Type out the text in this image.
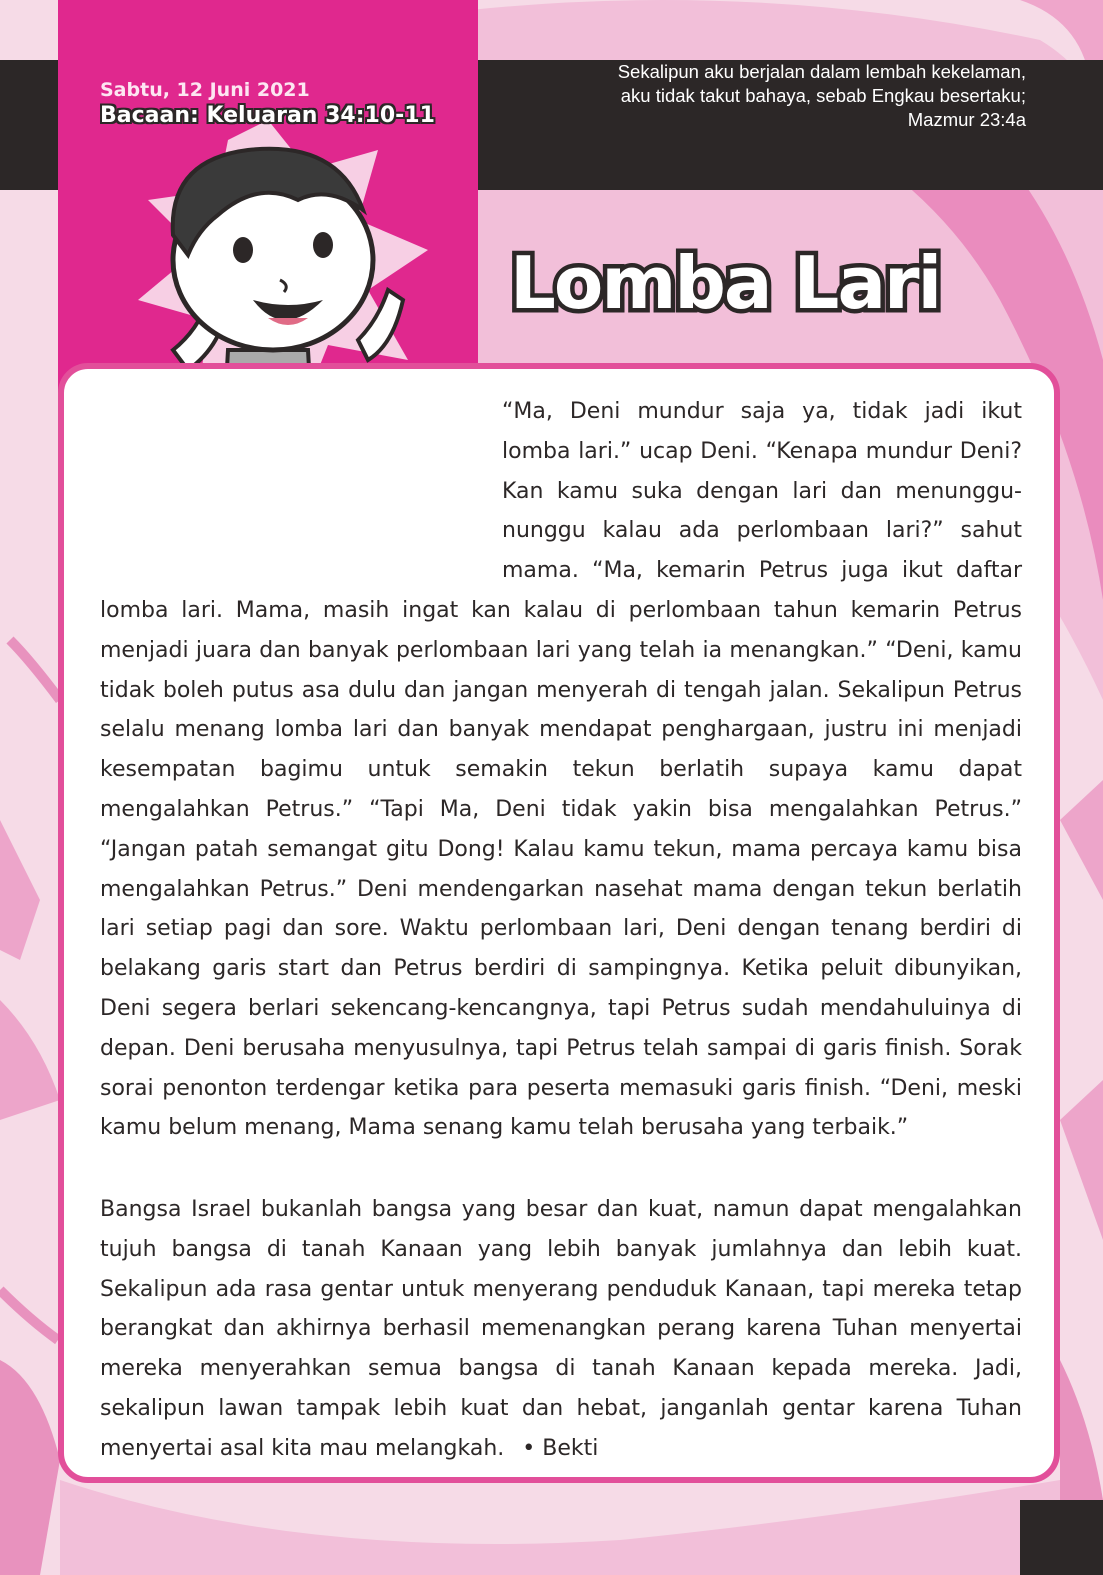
Sabtu, 12 Juni 2021
Bacaan: Keluaran 34:10-11
Sekalipun aku berjalan dalam lembah kekelaman,
aku tidak takut bahaya, sebab Engkau besertaku;
Mazmur 23:4a
Lomba Lari

“Ma, Deni mundur saja ya, tidak jadi ikut lomba lari.” ucap Deni. “Kenapa mundur Deni? Kan kamu suka dengan lari dan menunggu-nunggu kalau ada perlombaan lari?” sahut mama. “Ma, kemarin Petrus juga ikut daftar lomba lari. Mama, masih ingat kan kalau di perlombaan tahun kemarin Petrus menjadi juara dan banyak perlombaan lari yang telah ia menangkan.” “Deni, kamu tidak boleh putus asa dulu dan jangan menyerah di tengah jalan. Sekalipun Petrus selalu menang lomba lari dan banyak mendapat penghargaan, justru ini menjadi kesempatan bagimu untuk semakin tekun berlatih supaya kamu dapat mengalahkan Petrus.” “Tapi Ma, Deni tidak yakin bisa mengalahkan Petrus.” “Jangan patah semangat gitu Dong! Kalau kamu tekun, mama percaya kamu bisa mengalahkan Petrus.” Deni mendengarkan nasehat mama dengan tekun berlatih lari setiap pagi dan sore. Waktu perlombaan lari, Deni dengan tenang berdiri di belakang garis start dan Petrus berdiri di sampingnya. Ketika peluit dibunyikan, Deni segera berlari sekencang-kencangnya, tapi Petrus sudah mendahuluinya di depan. Deni berusaha menyusulnya, tapi Petrus telah sampai di garis finish. Sorak sorai penonton terdengar ketika para peserta memasuki garis finish. “Deni, meski kamu belum menang, Mama senang kamu telah berusaha yang terbaik.”

Bangsa Israel bukanlah bangsa yang besar dan kuat, namun dapat mengalahkan tujuh bangsa di tanah Kanaan yang lebih banyak jumlahnya dan lebih kuat. Sekalipun ada rasa gentar untuk menyerang penduduk Kanaan, tapi mereka tetap berangkat dan akhirnya berhasil memenangkan perang karena Tuhan menyertai mereka menyerahkan semua bangsa di tanah Kanaan kepada mereka. Jadi, sekalipun lawan tampak lebih kuat dan hebat, janganlah gentar karena Tuhan menyertai asal kita mau melangkah. • Bekti
